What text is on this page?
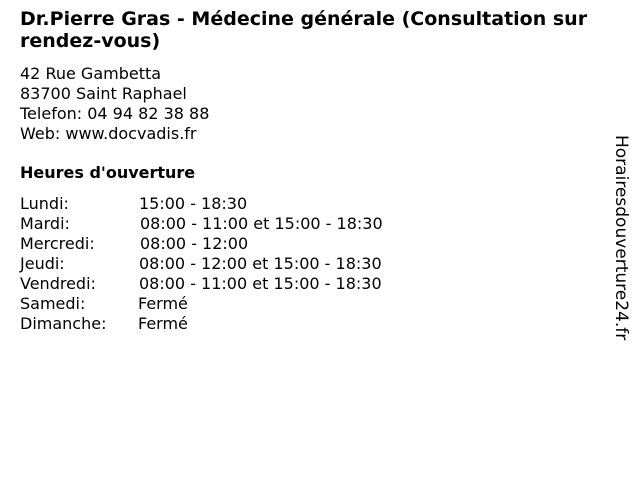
Dr.Pierre Gras - Médecine générale (Consultation sur rendez-vous)
42 Rue Gambetta
83700 Saint Raphael
Telefon: 04 94 82 38 88
Web: www.docvadis.fr
Heures d'ouverture
Lundi:	15:00 - 18:30
Mardi:	08:00 - 11:00 et 15:00 - 18:30
Mercredi:	08:00 - 12:00
Jeudi:	08:00 - 12:00 et 15:00 - 18:30
Vendredi:	08:00 - 11:00 et 15:00 - 18:30
Samedi:	Fermé
Dimanche: Fermé	Horairesdouverture24.fr
